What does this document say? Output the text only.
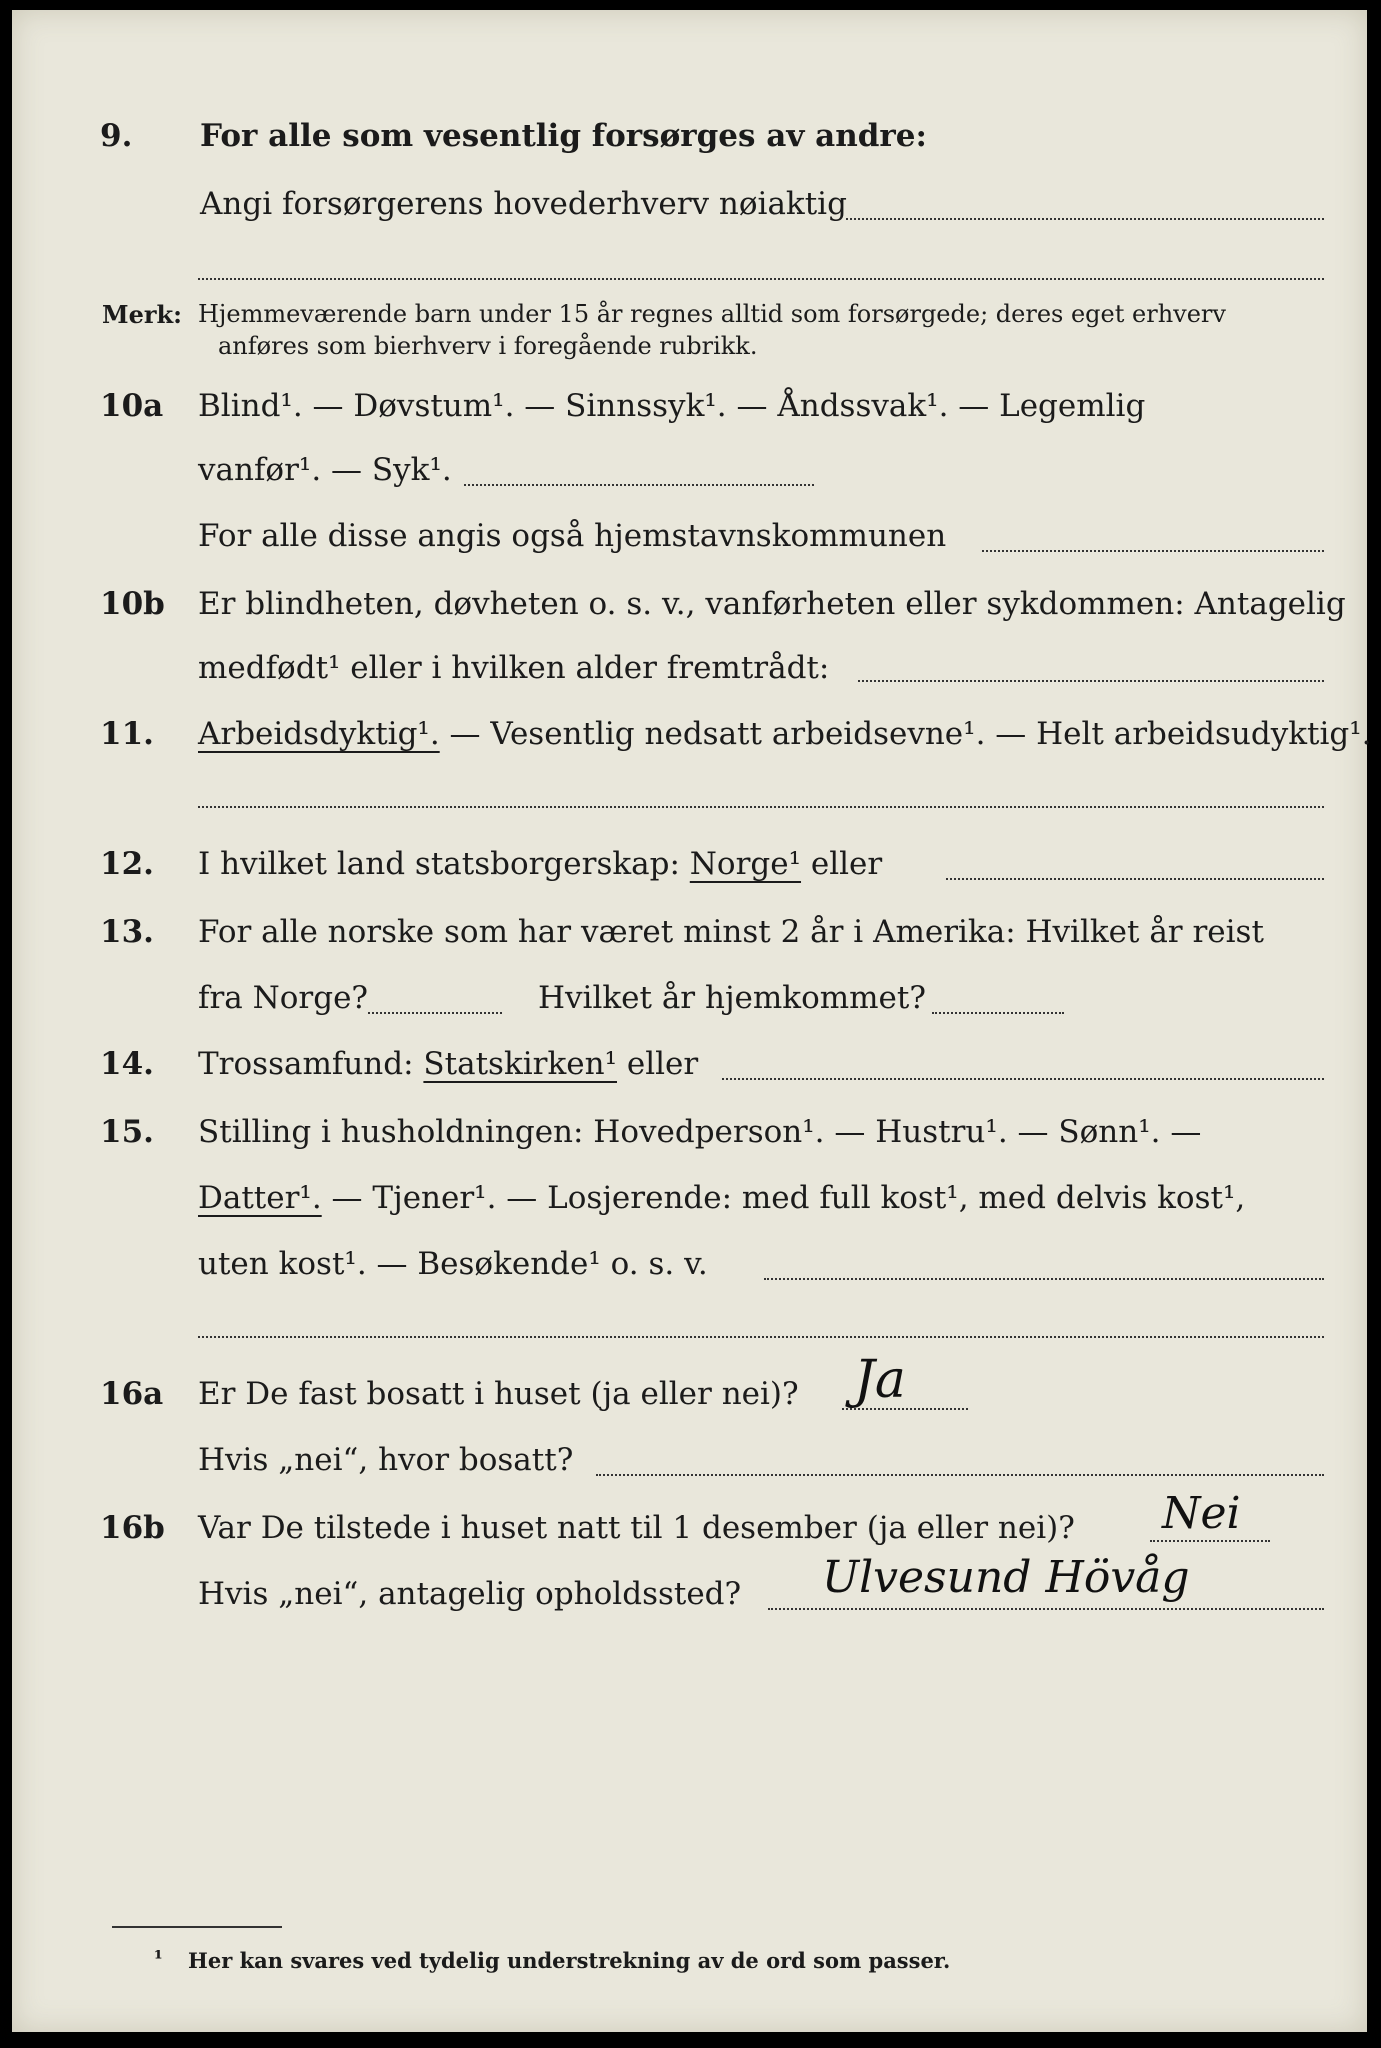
9. For alle som vesentlig forsørges av andre:
Angi forsørgerens hovederhverv nøiaktig
Merk: Hjemmeværende barn under 15 år regnes alltid som forsørgede; deres eget erhverv
anføres som bierhverv i foregående rubrikk.
10a Blind¹. — Døvstum¹. — Sinnssyk¹. — Åndssvak¹. — Legemlig
vanfør¹. — Syk¹.
For alle disse angis også hjemstavnskommunen
10b Er blindheten, døvheten o. s. v., vanførheten eller sykdommen: Antagelig
medfødt¹ eller i hvilken alder fremtrådt:
11. Arbeidsdyktig¹. — Vesentlig nedsatt arbeidsevne¹. — Helt arbeidsudyktig¹.
12. I hvilket land statsborgerskap: Norge¹ eller
13. For alle norske som har været minst 2 år i Amerika: Hvilket år reist
fra Norge?	Hvilket år hjemkommet?
14. Trossamfund: Statskirken¹ eller
15. Stilling i husholdningen: Hovedperson¹. — Hustru¹. — Sønn¹. —
Datter¹. — Tjener¹. — Losjerende: med full kost¹, med delvis kost¹,
uten kost¹. — Besøkende¹ o. s. v.
16a Er De fast bosatt i huset (ja eller nei)? Ja
Hvis „nei“, hvor bosatt?
16b Var De tilstede i huset natt til 1 desember (ja eller nei)? Nei
Hvis „nei“, antagelig opholdssted? Ulvesund Hövåg
¹ Her kan svares ved tydelig understrekning av de ord som passer.
